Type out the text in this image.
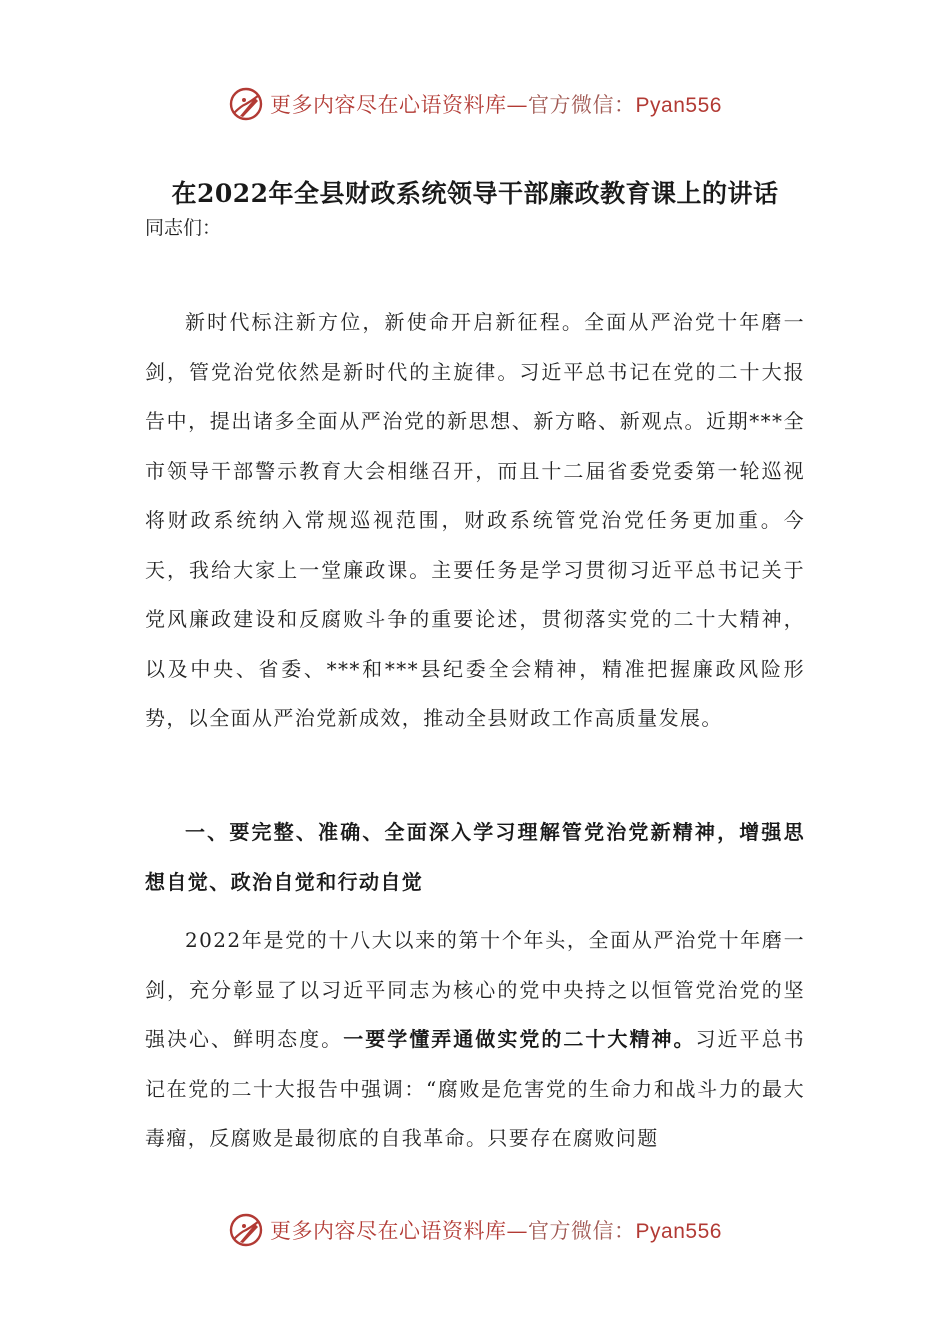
更多内容尽在心语资料库—官方微信：Pyan556
在2022年全县财政系统领导干部廉政教育课上的讲话
同志们：

新时代标注新方位，新使命开启新征程。全面从严治党十年磨一剑，管党治党依然是新时代的主旋律。习近平总书记在党的二十大报告中，提出诸多全面从严治党的新思想、新方略、新观点。近期***全市领导干部警示教育大会相继召开，而且十二届省委党委第一轮巡视将财政系统纳入常规巡视范围，财政系统管党治党任务更加重。今天，我给大家上一堂廉政课。主要任务是学习贯彻习近平总书记关于党风廉政建设和反腐败斗争的重要论述，贯彻落实党的二十大精神，以及中央、省委、***和***县纪委全会精神，精准把握廉政风险形势，以全面从严治党新成效，推动全县财政工作高质量发展。

一、要完整、准确、全面深入学习理解管党治党新精神，增强思想自觉、政治自觉和行动自觉

2022年是党的十八大以来的第十个年头，全面从严治党十年磨一剑，充分彰显了以习近平同志为核心的党中央持之以恒管党治党的坚强决心、鲜明态度。一要学懂弄通做实党的二十大精神。习近平总书记在党的二十大报告中强调：“腐败是危害党的生命力和战斗力的最大毒瘤，反腐败是最彻底的自我革命。只要存在腐败问题

更多内容尽在心语资料库—官方微信：Pyan556
